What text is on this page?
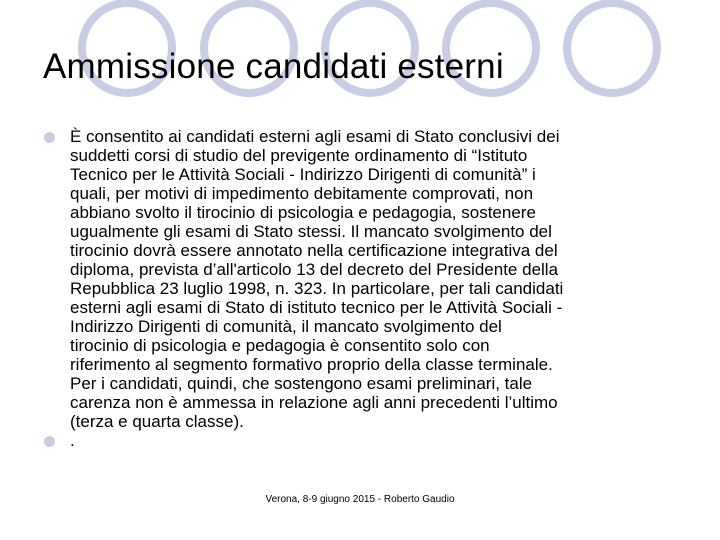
Ammissione candidati esterni
È consentito ai candidati esterni agli esami di Stato conclusivi dei
suddetti corsi di studio del previgente ordinamento di “Istituto
Tecnico per le Attività Sociali - Indirizzo Dirigenti di comunità” i
quali, per motivi di impedimento debitamente comprovati, non
abbiano svolto il tirocinio di psicologia e pedagogia, sostenere
ugualmente gli esami di Stato stessi. Il mancato svolgimento del
tirocinio dovrà essere annotato nella certificazione integrativa del
diploma, prevista d’all'articolo 13 del decreto del Presidente della
Repubblica 23 luglio 1998, n. 323. In particolare, per tali candidati
esterni agli esami di Stato di istituto tecnico per le Attività Sociali -
Indirizzo Dirigenti di comunità, il mancato svolgimento del
tirocinio di psicologia e pedagogia è consentito solo con
riferimento al segmento formativo proprio della classe terminale.
Per i candidati, quindi, che sostengono esami preliminari, tale
carenza non è ammessa in relazione agli anni precedenti l’ultimo
(terza e quarta classe).
.
Verona, 8-9 giugno 2015 - Roberto Gaudio
